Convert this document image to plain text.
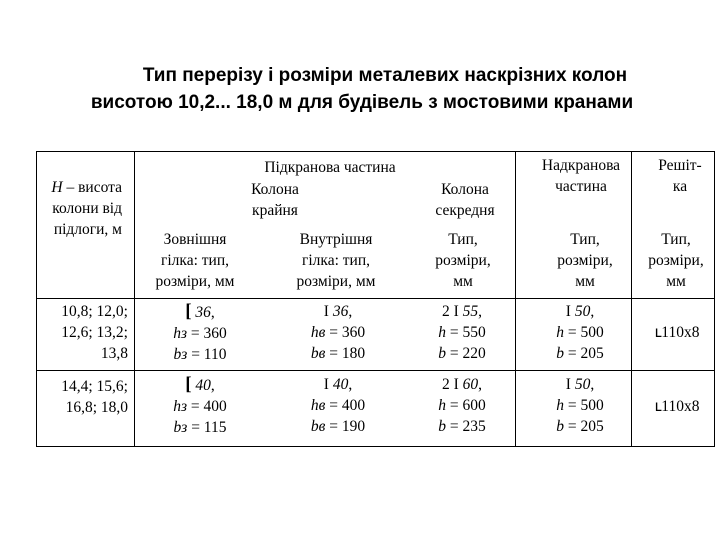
Тип перерізу і розміри металевих наскрізних колон
висотою 10,2... 18,0 м для будівель з мостовими кранами
H – висота
колони від
підлоги, м
Підкранова частина
Колона
крайня
Колона
секредня
Надкранова
частина
Решіт-
ка
Зовнішня
гілка: тип,
розміри, мм
Внутрішня
гілка: тип,
розміри, мм
Тип,
розміри,
мм
Тип,
розміри,
мм
Тип,
розміри,
мм
10,8; 12,0;
12,6; 13,2;
13,8
[ 36,
hз = 360
bз = 110
I 36,
hв = 360
bв = 180
2 I 55,
h = 550
b = 220
I 50,
h = 500
b = 205
ւ110x8
14,4; 15,6;
16,8; 18,0
[ 40,
hз = 400
bз = 115
I 40,
hв = 400
bв = 190
2 I 60,
h = 600
b = 235
I 50,
h = 500
b = 205
ւ110x8
